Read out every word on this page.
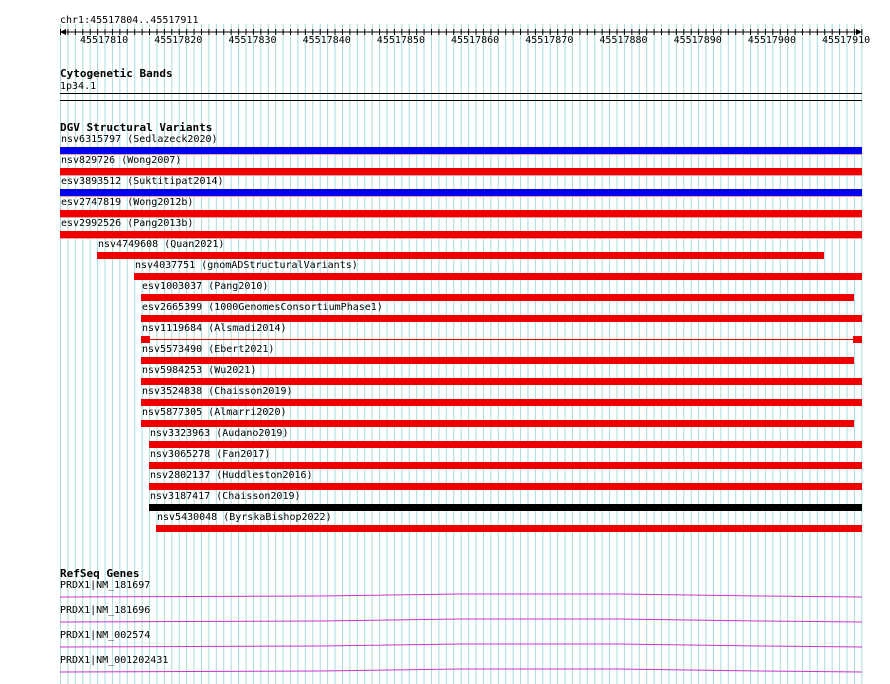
chr1:45517804..45517911
45517810	45517820	45517830	45517840	45517850	45517860	45517870	45517880	45517890	45517900	45517910
Cytogenetic Bands
1p34.1
DGV Structural Variants
nsv6315797 (Sedlazeck2020)
nsv829726 (Wong2007)
esv3893512 (Suktitipat2014)
esv2747819 (Wong2012b)
esv2992526 (Pang2013b)
nsv4749608 (Quan2021)
nsv4037751 (gnomADStructuralVariants)
esv1003037 (Pang2010)
esv2665399 (1000GenomesConsortiumPhase1)
nsv1119684 (Alsmadi2014)
nsv5573490 (Ebert2021)
nsv5984253 (Wu2021)
nsv3524838 (Chaisson2019)
nsv5877305 (Almarri2020)
nsv3323963 (Audano2019)
nsv3065278 (Fan2017)
nsv2802137 (Huddleston2016)
nsv3187417 (Chaisson2019)
nsv5430048 (ByrskaBishop2022)
RefSeq Genes
PRDX1|NM_181697
PRDX1|NM_181696
PRDX1|NM_002574
PRDX1|NM_001202431
